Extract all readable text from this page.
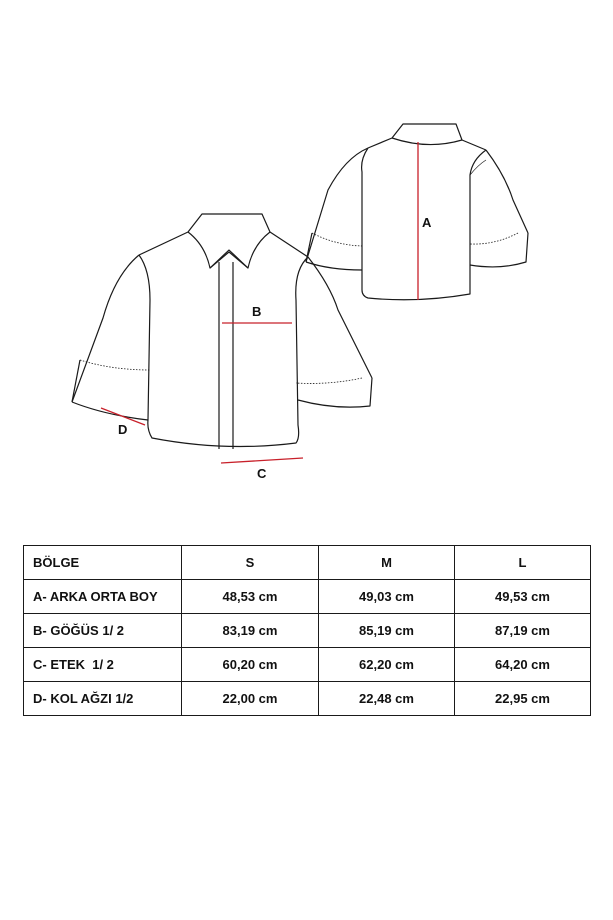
A
B
C
D
BÖLGE	S	M	L
A- ARKA ORTA BOY	48,53 cm	49,03 cm	49,53 cm
B- GÖĞÜS 1/ 2	83,19 cm	85,19 cm	87,19 cm
C- ETEK  1/ 2	60,20 cm	62,20 cm	64,20 cm
D- KOL AĞZI 1/2	22,00 cm	22,48 cm	22,95 cm
